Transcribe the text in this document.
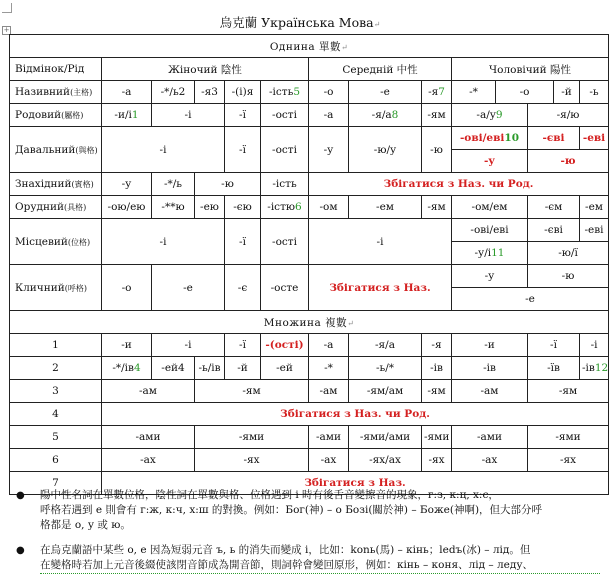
烏克蘭 Українська Мова↵
+
Однина 單數↵													
Відмінок/Рід	Жіночий 陰性					Середній 中性			Чоловічий 陽性				
Називний(主格)	-а	-*/ь2	-я3	-(і)я	-ість5	-о	-е	-я7	-*	-о		-й	-ь
Родовий(屬格)	-и/і1	-і		-ї	-ості	-а	-я/а8	-ям	-а/у9		-я/ю		
Давальний(與格)	-і			-ї	-ості	-у	-ю/у	-ю	-ові/еві10		-єві		-еві
									-у		-ю		
Знахідний(賓格)	-у	-*/ь	-ю		-ість	Збігатися з Наз. чи Род.							
Орудний(具格)	-ою/ею	-**ю	-ею	-єю	-істю6	-ом	-ем	-ям	-ом/ем		-єм		-ем
Місцевий(位格)	-і			-ї	-ості	-і			-ові/еві		-єві		-еві
									-у/і11		-ю/ї		
Кличний(呼格)	-о	-е		-є	-осте	Збігатися з Наз.			-у		-ю		
									-е				
Множина 複數↵													
1	-и	-і		-ї	-(ості)	-а	-я/а	-я	-и		-ї		-і
2	-*/ів4	-ей4	-ь/ів	-й	-ей	-*	-ь/*	-ів	-ів		-їв		-ів12
3	-ам		-ям			-ам	-ям/ам	-ям	-ам		-ям		
4	Збігатися з Наз. чи Род.												
5	-ами		-ями			-ами	-ями/ами	-ями	-ами		-ями		
6	-ах		-ях			-ах	-ях/ах	-ях	-ах		-ях		
7	Збігатися з Наз.												
● 陽中性名詞在單數位格，陰性詞在單數與格、位格遇到 і 時有後舌音變擦音的現象，г:з, к:ц, х:с，
呼格若遇到 е 則會有 г:ж, к:ч, х:ш 的對換。例如：Бог(神) – о Бозі(關於神) – Боже(神啊)，但大部分呼
格都是 о, у 或 ю。
● 在烏克蘭語中某些 о, е 因為短弱元音 ъ, ь 的消失而變成 і，比如：konь(馬) – кінь；ledъ(冰) – лід。但
在變格時若加上元音後綴使該閉音節成為開音節，則詞幹會變回原形，例如：кінь – коня、лід – леду、
